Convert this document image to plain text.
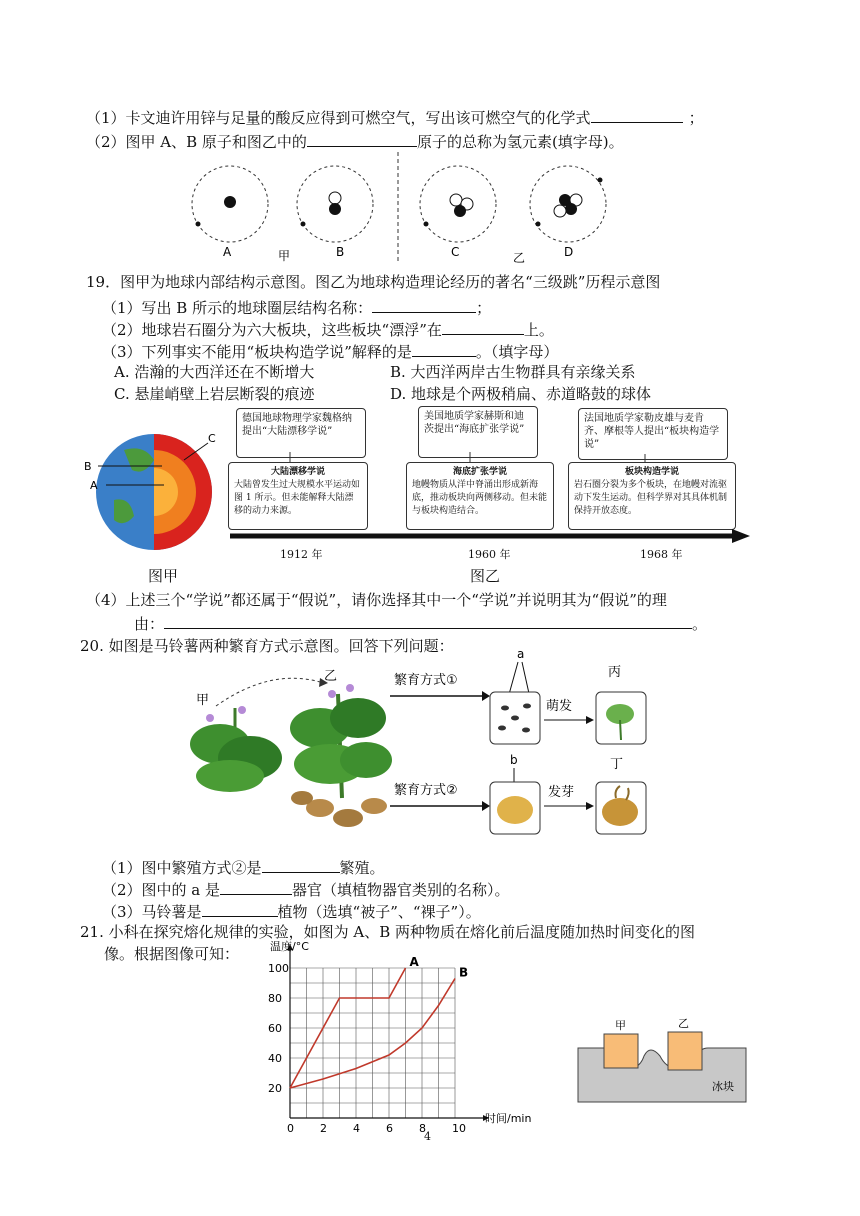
（1）卡文迪许用锌与足量的酸反应得到可燃空气，写出该可燃空气的化学式	；
（2）图甲 A、B 原子和图乙中的	原子的总称为氢元素(填字母)。
A	甲	B	C	乙	D
19．图甲为地球内部结构示意图。图乙为地球构造理论经历的著名“三级跳”历程示意图
（1）写出 B 所示的地球圈层结构名称：	；
（2）地球岩石圈分为六大板块，这些板块“漂浮”在	上。
（3）下列事实不能用“板块构造学说”解释的是	。（填字母）
A. 浩瀚的大西洋还在不断增大	B. 大西洋两岸古生物群具有亲缘关系
C. 悬崖峭壁上岩层断裂的痕迹	D. 地球是个两极稍扁、赤道略鼓的球体
B
A
C
德国地球物理学家魏格纳提出“大陆漂移学说”
美国地质学家赫斯和迪茨提出“海底扩张学说”
法国地质学家勒皮雄与麦肯齐、摩根等人提出“板块构造学说”
大陆漂移学说
大陆曾发生过大规模水平运动如图 1 所示。但未能解释大陆漂移的动力来源。
海底扩张学说
地幔物质从洋中脊涌出形成新海底，推动板块向两侧移动。但未能与板块构造结合。
板块构造学说
岩石圈分裂为多个板块，在地幔对流驱动下发生运动。但科学界对其具体机制保持开放态度。
1912 年	1960 年	1968 年
图甲	图乙
（4）上述三个“学说”都还属于“假说”，请你选择其中一个“学说”并说明其为“假说”的理
由：	。
20. 如图是马铃薯两种繁育方式示意图。回答下列问题：
甲
乙	繁育方式①
繁育方式②
a
萌发
丙
b
发芽
丁
（1）图中繁殖方式②是	繁殖。
（2）图中的 a 是	器官（填植物器官类别的名称）。
（3）马铃薯是	植物（选填“被子”、“裸子”）。
21. 小科在探究熔化规律的实验，如图为 A、B 两种物质在熔化前后温度随加热时间变化的图
像。根据图像可知：
0 2 4 6 8 10
20
40
60
80
100
温度/°C
时间/min
A
B
甲	乙
冰块
4
